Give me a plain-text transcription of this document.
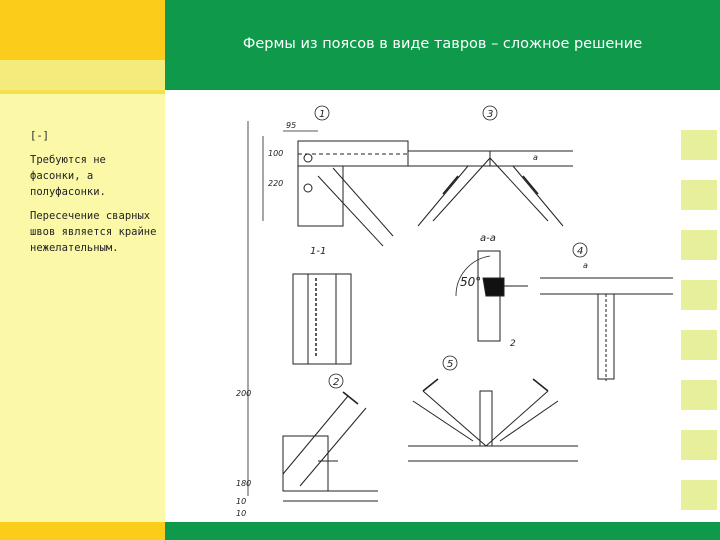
Фермы из поясов в виде тавров – сложное решение

[-]

Требуются не фасонки, а полуфасонки.

Пересечение сварных швов является крайне нежелательным.

1	3
4
5
2
1-1
a-a
50°
95
220
100
200
10
180
10
a
2
a
